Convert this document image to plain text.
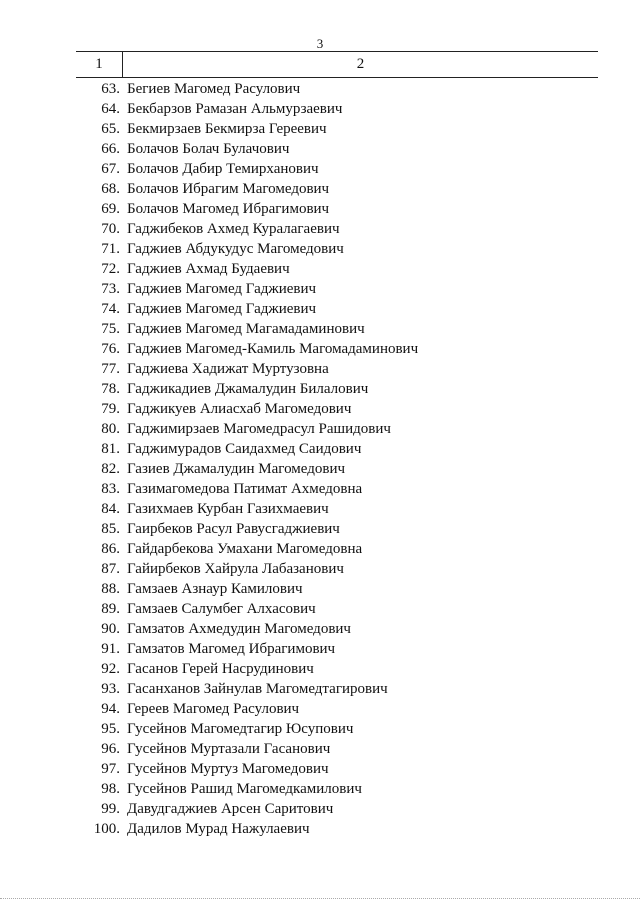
3
1	2
63. Бегиев Магомед Расулович
64. Бекбарзов Рамазан Альмурзаевич
65. Бекмирзаев Бекмирза Гереевич
66. Болачов Болач Булачович
67. Болачов Дабир Темирханович
68. Болачов Ибрагим Магомедович
69. Болачов Магомед Ибрагимович
70. Гаджибеков Ахмед Куралагаевич
71. Гаджиев Абдукудус Магомедович
72. Гаджиев Ахмад Будаевич
73. Гаджиев Магомед Гаджиевич
74. Гаджиев Магомед Гаджиевич
75. Гаджиев Магомед Магамадаминович
76. Гаджиев Магомед-Камиль Магомадаминович
77. Гаджиева Хадижат Муртузовна
78. Гаджикадиев Джамалудин Билалович
79. Гаджикуев Алиасхаб Магомедович
80. Гаджимирзаев Магомедрасул Рашидович
81. Гаджимурадов Саидахмед Саидович
82. Газиев Джамалудин Магомедович
83. Газимагомедова Патимат Ахмедовна
84. Газихмаев Курбан Газихмаевич
85. Гаирбеков Расул Равусгаджиевич
86. Гайдарбекова Умахани Магомедовна
87. Гайирбеков Хайрула Лабазанович
88. Гамзаев Азнаур Камилович
89. Гамзаев Салумбег Алхасович
90. Гамзатов Ахмедудин Магомедович
91. Гамзатов Магомед Ибрагимович
92. Гасанов Герей Насрудинович
93. Гасанханов Зайнулав Магомедтагирович
94. Гереев Магомед Расулович
95. Гусейнов Магомедтагир Юсупович
96. Гусейнов Муртазали Гасанович
97. Гусейнов Муртуз Магомедович
98. Гусейнов Рашид Магомедкамилович
99. Давудгаджиев Арсен Саритович
100. Дадилов Мурад Нажулаевич
